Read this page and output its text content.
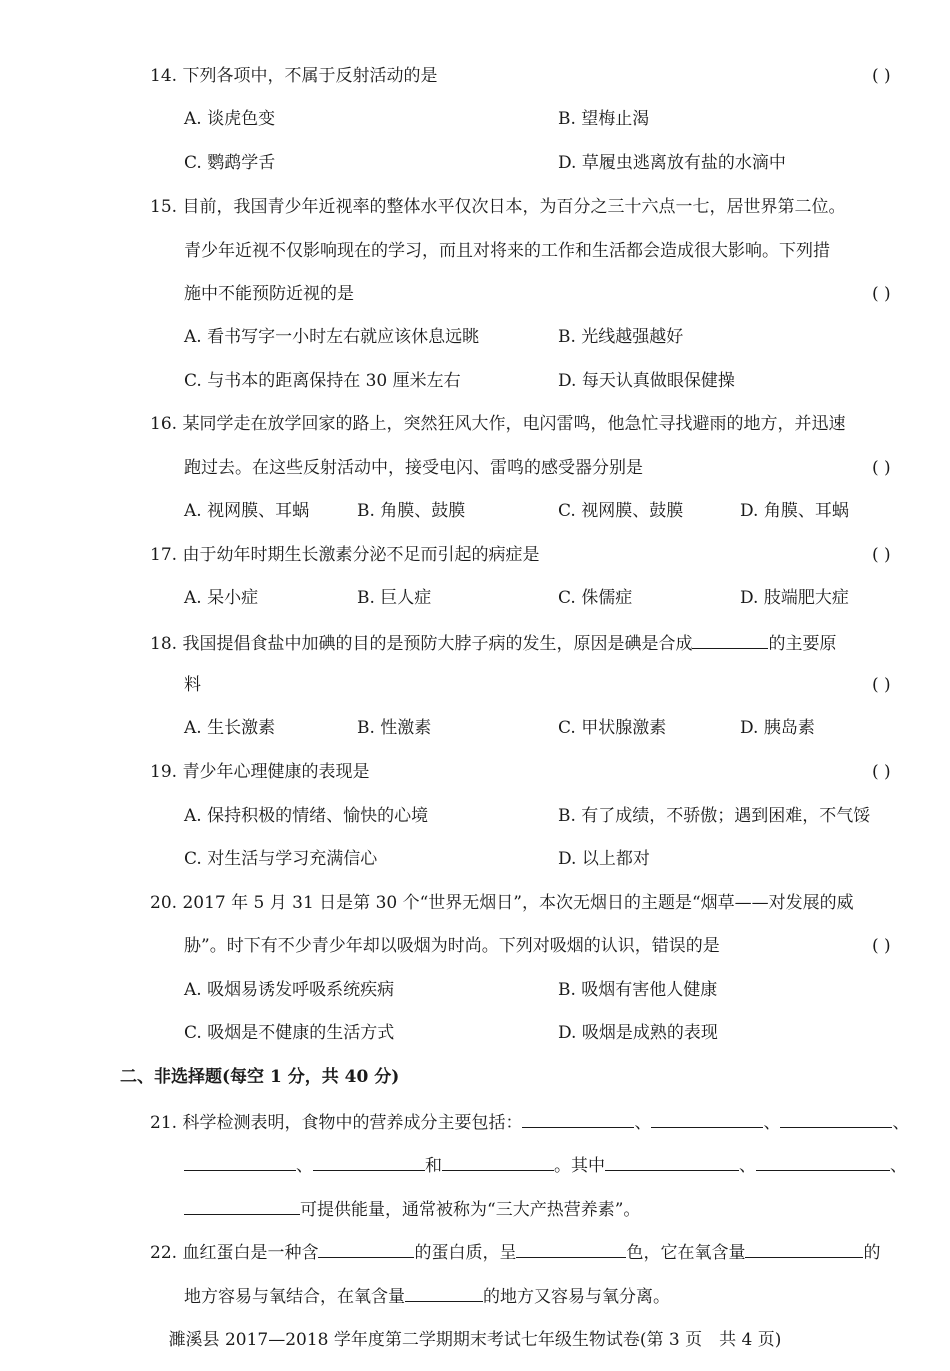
14. 下列各项中，不属于反射活动的是	( )
A. 谈虎色变	B. 望梅止渴
C. 鹦鹉学舌	D. 草履虫逃离放有盐的水滴中
15. 目前，我国青少年近视率的整体水平仅次日本，为百分之三十六点一七，居世界第二位。
青少年近视不仅影响现在的学习，而且对将来的工作和生活都会造成很大影响。下列措
施中不能预防近视的是	( )
A. 看书写字一小时左右就应该休息远眺	B. 光线越强越好
C. 与书本的距离保持在 30 厘米左右	D. 每天认真做眼保健操
16. 某同学走在放学回家的路上，突然狂风大作，电闪雷鸣，他急忙寻找避雨的地方，并迅速
跑过去。在这些反射活动中，接受电闪、雷鸣的感受器分别是	( )
A. 视网膜、耳蜗	B. 角膜、鼓膜	C. 视网膜、鼓膜	D. 角膜、耳蜗
17. 由于幼年时期生长激素分泌不足而引起的病症是	( )
A. 呆小症	B. 巨人症	C. 侏儒症	D. 肢端肥大症
18. 我国提倡食盐中加碘的目的是预防大脖子病的发生，原因是碘是合成	的主要原
料	( )
A. 生长激素	B. 性激素	C. 甲状腺激素	D. 胰岛素
19. 青少年心理健康的表现是	( )
A. 保持积极的情绪、愉快的心境	B. 有了成绩，不骄傲；遇到困难，不气馁
C. 对生活与学习充满信心	D. 以上都对
20. 2017 年 5 月 31 日是第 30 个“世界无烟日”，本次无烟日的主题是“烟草——对发展的威
胁”。时下有不少青少年却以吸烟为时尚。下列对吸烟的认识，错误的是	( )
A. 吸烟易诱发呼吸系统疾病	B. 吸烟有害他人健康
C. 吸烟是不健康的生活方式	D. 吸烟是成熟的表现
二、非选择题(每空 1 分，共 40 分)
21. 科学检测表明，食物中的营养成分主要包括：	、	、	、
、	和	。其中	、	、
可提供能量，通常被称为“三大产热营养素”。
22. 血红蛋白是一种含	的蛋白质，呈	色，它在氧含量	的
地方容易与氧结合，在氧含量	的地方又容易与氧分离。
濉溪县 2017—2018 学年度第二学期期末考试七年级生物试卷(第 3 页　共 4 页)
